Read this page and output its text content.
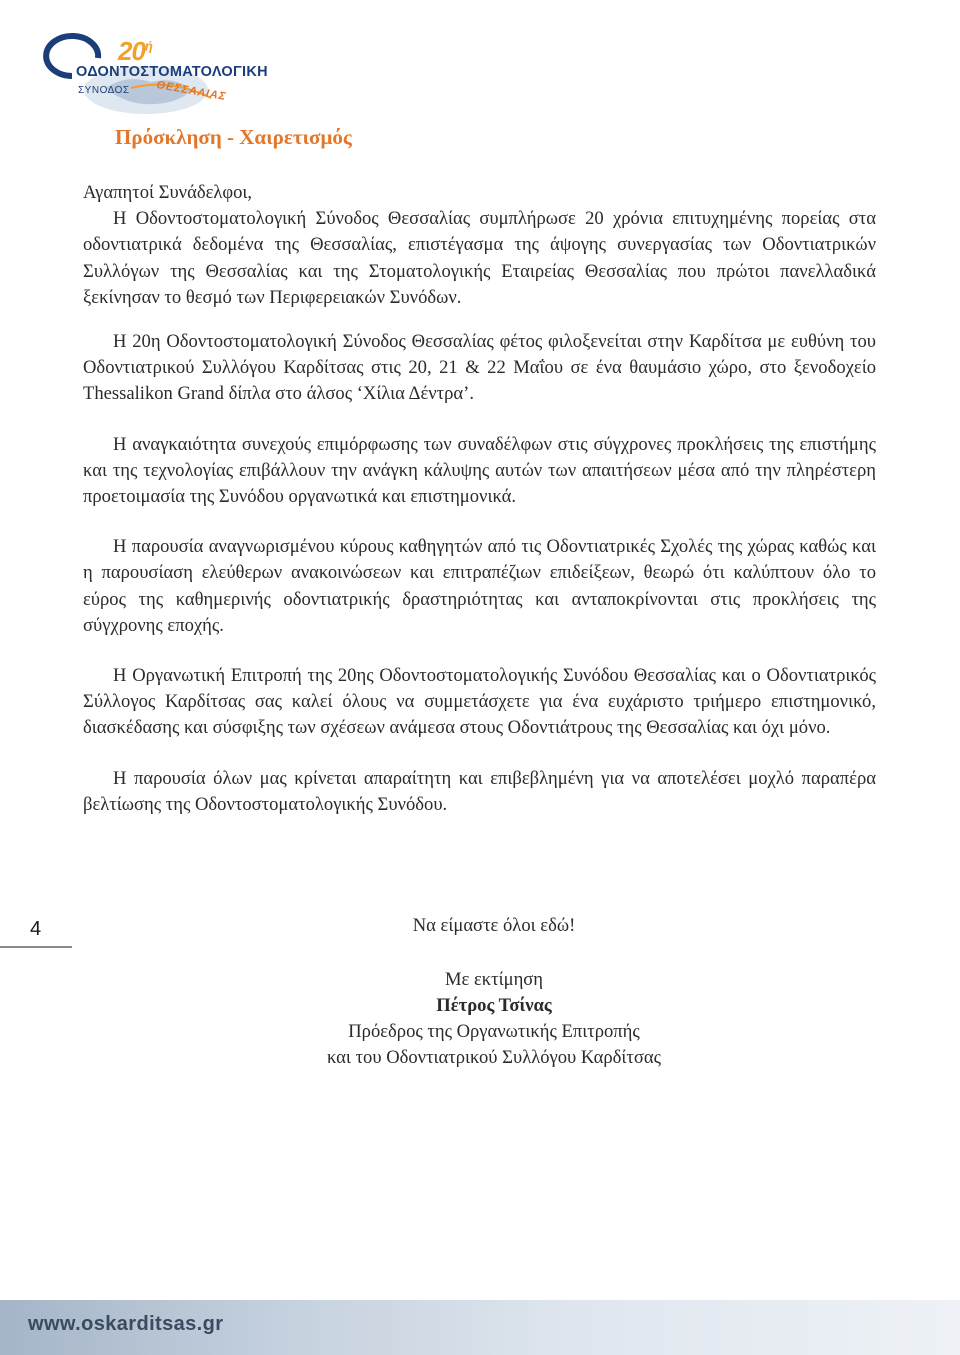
$20^ή$
ΟΔΟΝΤΟΣΤΟΜΑΤΟΛΟΓΙΚΗ
ΣΥΝΟΔΟΣ ΘΕΣΣΑΛΙΑΣ
Πρόσκληση - Χαιρετισμός

Αγαπητοί Συνάδελφοι,

Η Οδοντοστοματολογική Σύνοδος Θεσσαλίας συμπλήρωσε 20 χρόνια επιτυχημένης πορείας στα οδοντιατρικά δεδομένα της Θεσσαλίας, επιστέγασμα της άψογης συνεργασίας των Οδοντιατρικών Συλλόγων της Θεσσαλίας και της Στοματολογικής Εταιρείας Θεσσαλίας που πρώτοι πανελλαδικά ξεκίνησαν το θεσμό των Περιφερειακών Συνόδων.

Η 20η Οδοντοστοματολογική Σύνοδος Θεσσαλίας φέτος φιλοξενείται στην Καρδίτσα με ευθύνη του Οδοντιατρικού Συλλόγου Καρδίτσας στις 20, 21 & 22 Μαΐου σε ένα θαυμάσιο χώρο, στο ξενοδοχείο Thessalikon Grand δίπλα στο άλσος ‘Χίλια Δέντρα’.

Η αναγκαιότητα συνεχούς επιμόρφωσης των συναδέλφων στις σύγχρονες προκλήσεις της επιστήμης και της τεχνολογίας επιβάλλουν την ανάγκη κάλυψης αυτών των απαιτήσεων μέσα από την πληρέστερη προετοιμασία της Συνόδου οργανωτικά και επιστημονικά.

Η παρουσία αναγνωρισμένου κύρους καθηγητών από τις Οδοντιατρικές Σχολές της χώρας καθώς και η παρουσίαση ελεύθερων ανακοινώσεων και επιτραπέζιων επιδείξεων, θεωρώ ότι καλύπτουν όλο το εύρος της καθημερινής οδοντιατρικής δραστηριότητας και ανταποκρίνονται στις προκλήσεις της σύγχρονης εποχής.

Η Οργανωτική Επιτροπή της 20ης Οδοντοστοματολογικής Συνόδου Θεσσαλίας και ο Οδοντιατρικός Σύλλογος Καρδίτσας σας καλεί όλους να συμμετάσχετε για ένα ευχάριστο τριήμερο επιστημονικό, διασκέδασης και σύσφιξης των σχέσεων ανάμεσα στους Οδοντιάτρους της Θεσσαλίας και όχι μόνο.

Η παρουσία όλων μας κρίνεται απαραίτητη και επιβεβλημένη για να αποτελέσει μοχλό παραπέρα βελτίωσης της Οδοντοστοματολογικής Συνόδου.

4	Να είμαστε όλοι εδώ!
Με εκτίμηση
Πέτρος Τσίνας
Πρόεδρος της Οργανωτικής Επιτροπής
και του Οδοντιατρικού Συλλόγου Καρδίτσας
www.oskarditsas.gr
